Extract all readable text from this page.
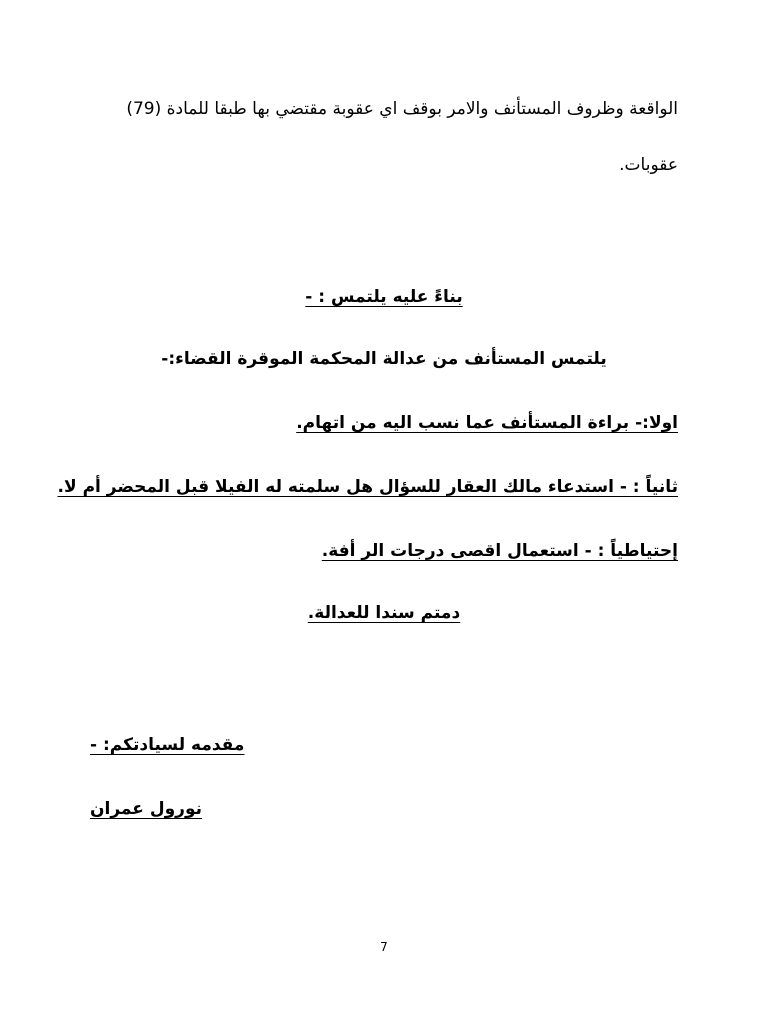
الواقعة وظروف المستأنف والامر بوقف اي عقوبة مقتضي بها طبقا للمادة (79)
عقوبات.
بناءً عليه يلتمس : -
يلتمس المستأنف من عدالة المحكمة الموقرة القضاء:-
اولا:- براءة المستأنف عما نسب اليه من اتهام.
ثانياً : - استدعاء مالك العقار للسؤال هل سلمته له الفيلا قبل المحضر أم لا.
إحتياطياً : - استعمال اقصى درجات الر أفة.
دمتم سندا للعدالة.
مقدمه لسيادتكم: -
نورول عمران
7
